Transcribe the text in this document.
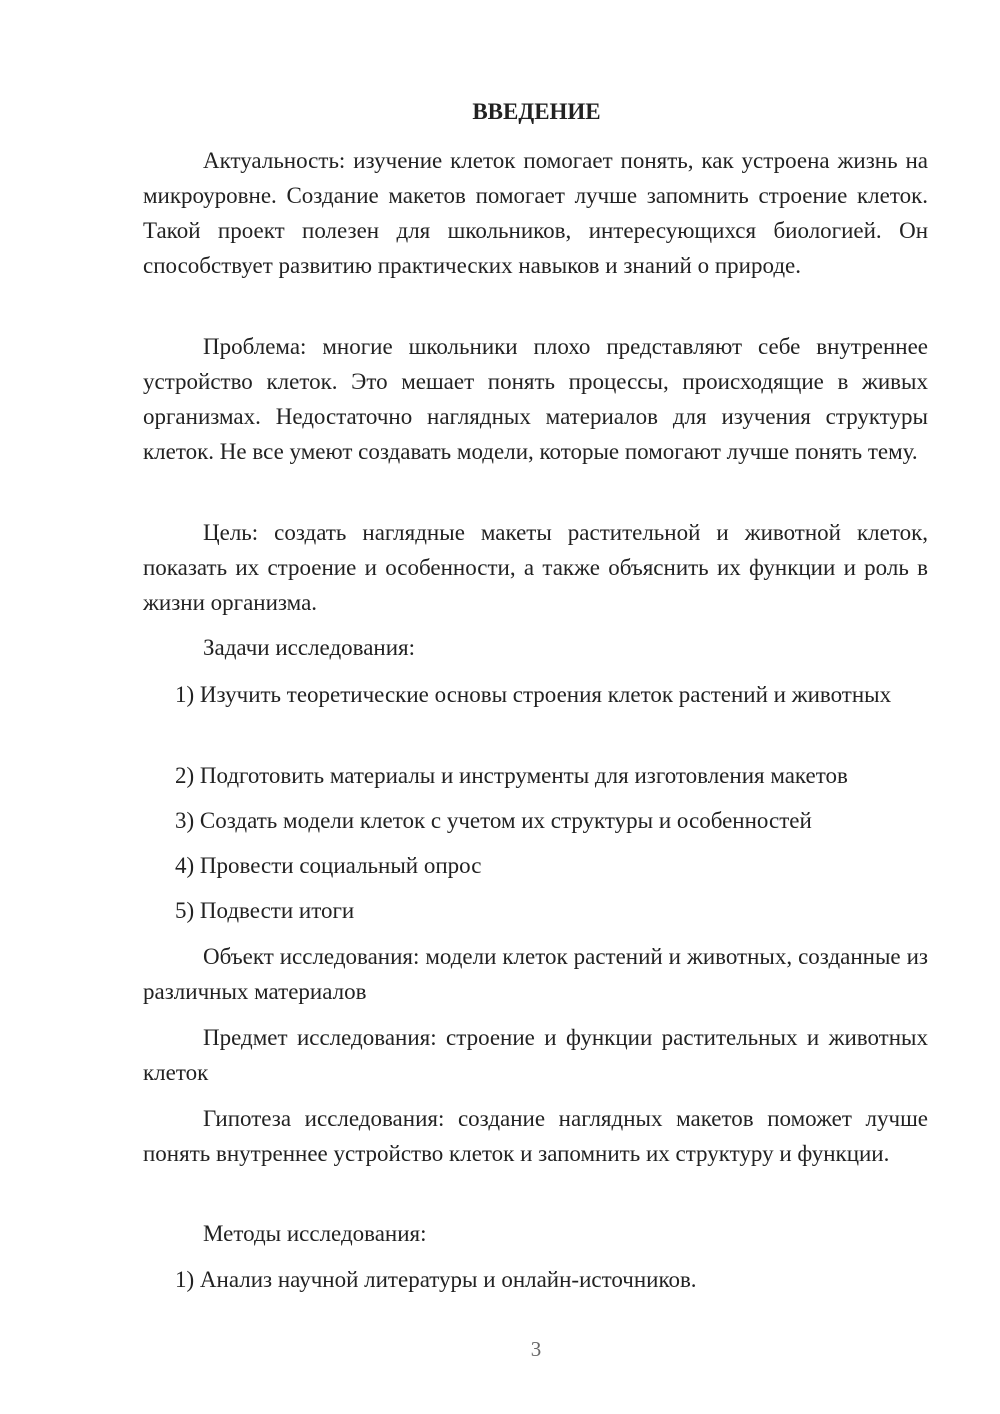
ВВЕДЕНИЕ

Актуальность: изучение клеток помогает понять, как устроена жизнь на микроуровне. Создание макетов помогает лучше запомнить строение клеток. Такой проект полезен для школьников, интересующихся биологией. Он способствует развитию практических навыков и знаний о природе.

Проблема: многие школьники плохо представляют себе внутреннее устройство клеток. Это мешает понять процессы, происходящие в живых организмах. Недостаточно наглядных материалов для изучения структуры клеток. Не все умеют создавать модели, которые помогают лучше понять тему.

Цель: создать наглядные макеты растительной и животной клеток, показать их строение и особенности, а также объяснить их функции и роль в жизни организма.

Задачи исследования:

1) Изучить теоретические основы строения клеток растений и животных

2) Подготовить материалы и инструменты для изготовления макетов

3) Создать модели клеток с учетом их структуры и особенностей

4) Провести социальный опрос

5) Подвести итоги

Объект исследования: модели клеток растений и животных, созданные из различных материалов

Предмет исследования: строение и функции растительных и животных клеток

Гипотеза исследования: создание наглядных макетов поможет лучше понять внутреннее устройство клеток и запомнить их структуру и функции.

Методы исследования:

1) Анализ научной литературы и онлайн-источников.

3
